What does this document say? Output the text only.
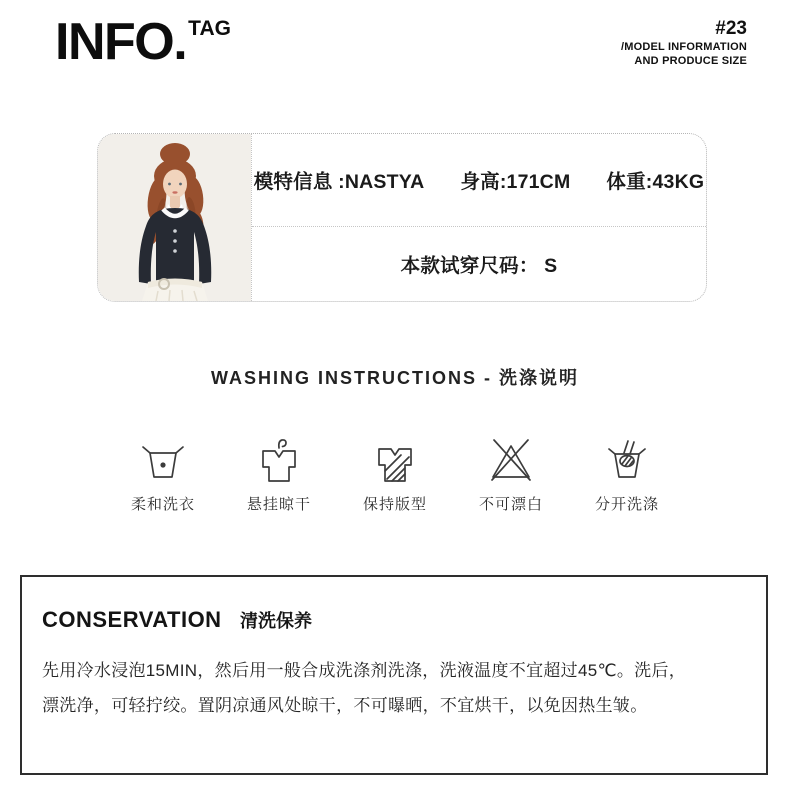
INFO. TAG	#23
/MODEL INFORMATION
AND PRODUCE SIZE
模特信息 :NASTYA 身高:171CM 体重:43KG
本款试穿尺码： S
WASHING INSTRUCTIONS - 洗涤说明
柔和洗衣	悬挂晾干	保持版型	不可漂白	分开洗涤
CONSERVATION 清洗保养

先用冷水浸泡15MIN，然后用一般合成洗涤剂洗涤，洗液温度不宜超过45℃。洗后，

漂洗净，可轻拧绞。置阴凉通风处晾干，不可曝晒，不宜烘干，以免因热生皱。
